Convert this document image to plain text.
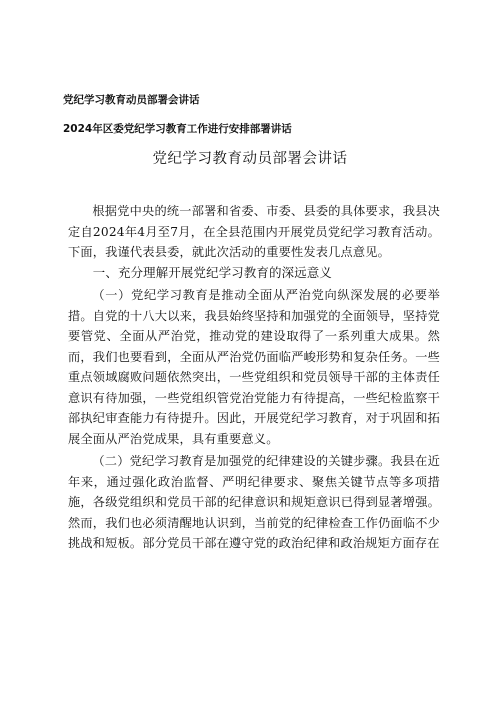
党纪学习教育动员部署会讲话
2024年区委党纪学习教育工作进行安排部署讲话
党纪学习教育动员部署会讲话

根据党中央的统一部署和省委、市委、县委的具体要求，我县决定自2024年4月至7月，在全县范围内开展党员党纪学习教育活动。下面，我谨代表县委，就此次活动的重要性发表几点意见。

一、充分理解开展党纪学习教育的深远意义

（一）党纪学习教育是推动全面从严治党向纵深发展的必要举措。自党的十八大以来，我县始终坚持和加强党的全面领导，坚持党要管党、全面从严治党，推动党的建设取得了一系列重大成果。然而，我们也要看到，全面从严治党仍面临严峻形势和复杂任务。一些重点领域腐败问题依然突出，一些党组织和党员领导干部的主体责任意识有待加强，一些党组织管党治党能力有待提高，一些纪检监察干部执纪审查能力有待提升。因此，开展党纪学习教育，对于巩固和拓展全面从严治党成果，具有重要意义。

（二）党纪学习教育是加强党的纪律建设的关键步骤。我县在近年来，通过强化政治监督、严明纪律要求、聚焦关键节点等多项措施，各级党组织和党员干部的纪律意识和规矩意识已得到显著增强。然而，我们也必须清醒地认识到，当前党的纪律检查工作仍面临不少挑战和短板。部分党员干部在遵守党的政治纪律和政治规矩方面存在
